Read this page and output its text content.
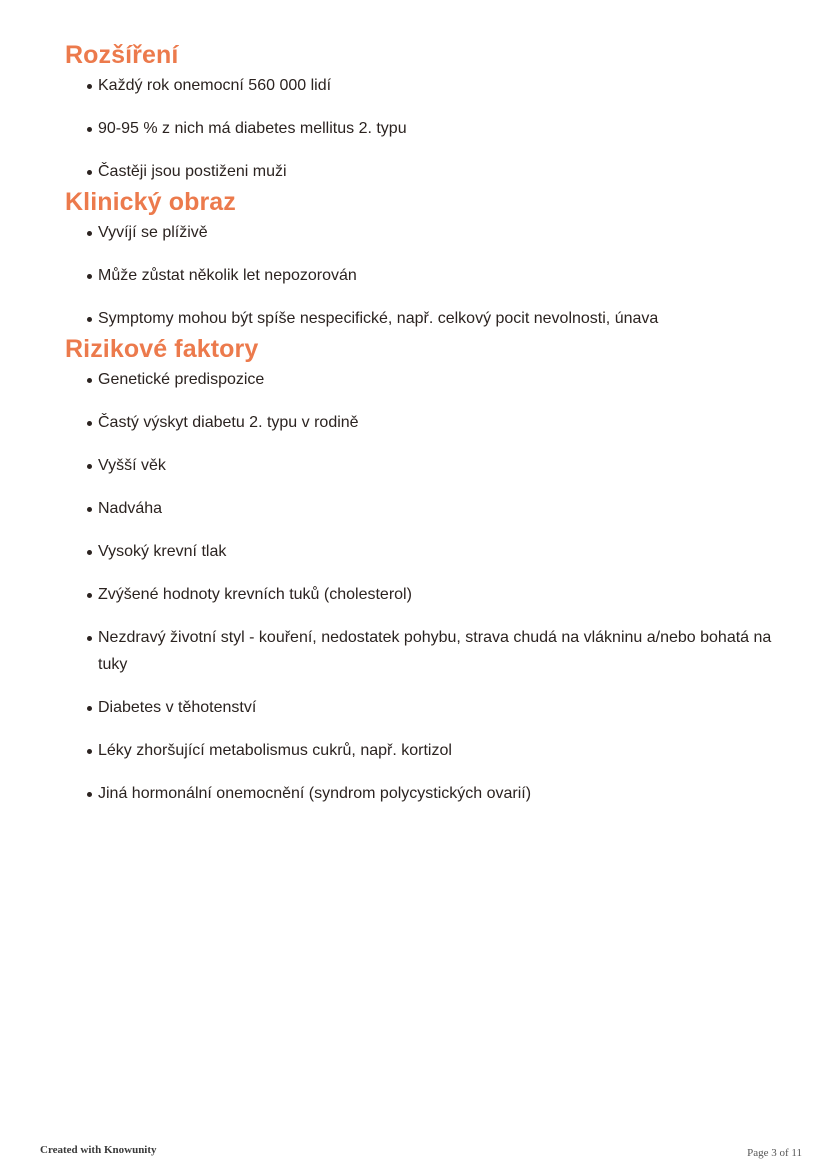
Rozšíření
Každý rok onemocní 560 000 lidí
90-95 % z nich má diabetes mellitus 2. typu
Častěji jsou postiženi muži
Klinický obraz
Vyvíjí se plíživě
Může zůstat několik let nepozorován
Symptomy mohou být spíše nespecifické, např. celkový pocit nevolnosti, únava
Rizikové faktory
Genetické predispozice
Častý výskyt diabetu 2. typu v rodině
Vyšší věk
Nadváha
Vysoký krevní tlak
Zvýšené hodnoty krevních tuků (cholesterol)
Nezdravý životní styl - kouření, nedostatek pohybu, strava chudá na vlákninu a/nebo bohatá na tuky
Diabetes v těhotenství
Léky zhoršující metabolismus cukrů, např. kortizol
Jiná hormonální onemocnění (syndrom polycystických ovarií)
Created with Knowunity	Page 3 of 11
